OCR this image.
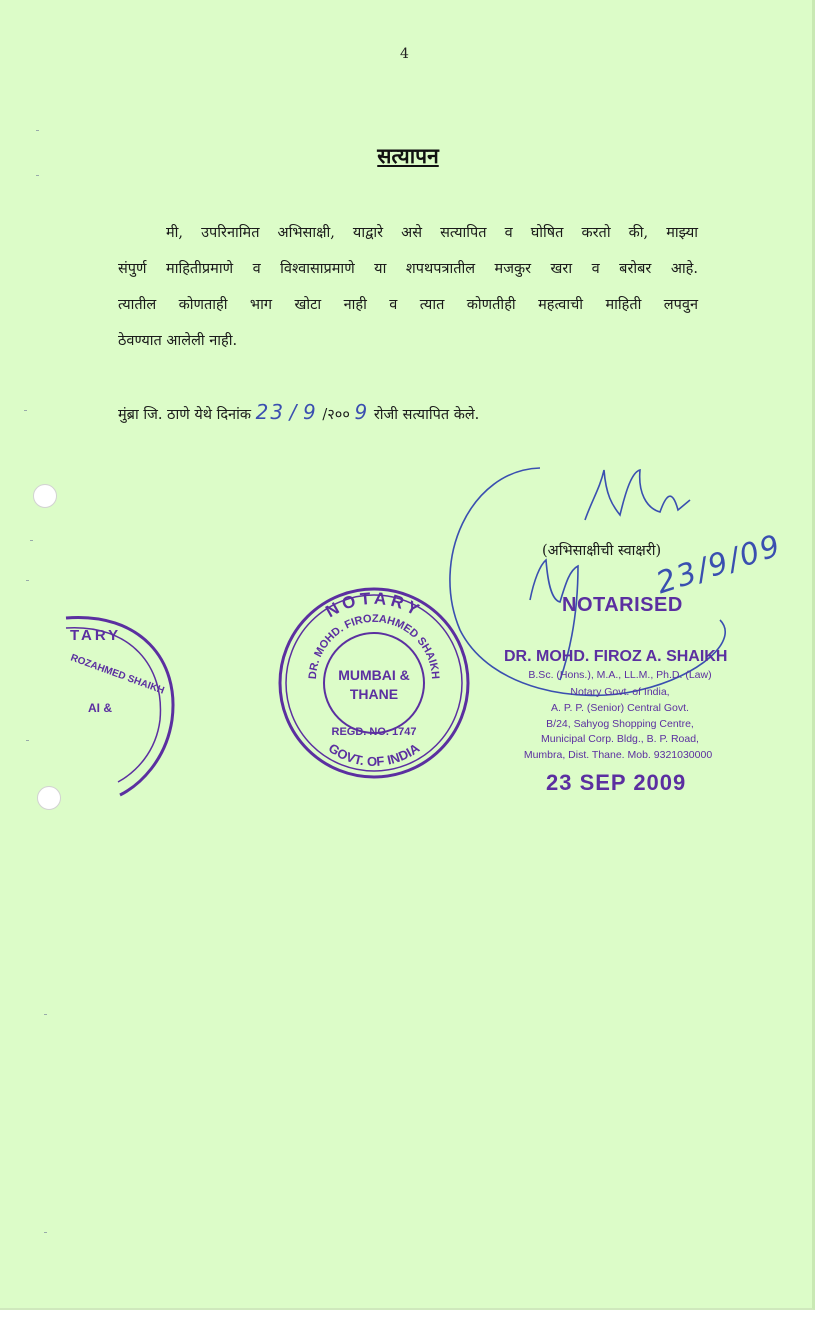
4
सत्यापन
मी, उपरिनामित अभिसाक्षी, याद्वारे असे सत्यापित व घोषित करतो की, माझ्या
संपुर्ण माहितीप्रमाणे व विश्वासाप्रमाणे या शपथपत्रातील मजकुर खरा व बरोबर आहे.
त्यातील कोणताही भाग खोटा नाही व त्यात कोणतीही महत्वाची माहिती लपवुन
ठेवण्यात आलेली नाही.
मुंब्रा जि. ठाणे येथे दिनांक 23 / 9 /२०० 9 रोजी सत्यापित केले.
(अभिसाक्षीची स्वाक्षरी)
23/9/09
NOTARISED
DR. MOHD. FIROZ A. SHAIKH
B.Sc. (Hons.), M.A., LL.M., Ph.D. (Law)
Notary Govt. of India,
A. P. P. (Senior) Central Govt.
B/24, Sahyog Shopping Centre,
Municipal Corp. Bldg., B. P. Road,
Mumbra, Dist. Thane. Mob. 9321030000
23 SEP 2009
NOTARY
DR. MOHD. FIROZAHMED SHAIKH
GOVT. OF INDIA
REGD. NO. 1747
MUMBAI &
THANE
TARY
ROZAHMED SHAIKH
AI &
